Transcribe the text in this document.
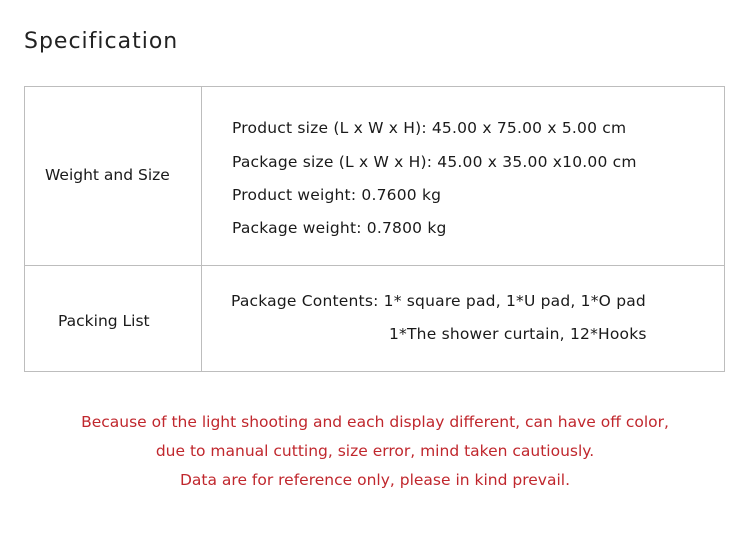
Specification
Weight and Size
Product size (L x W x H): 45.00 x 75.00 x 5.00 cm
Package size (L x W x H): 45.00 x 35.00 x10.00 cm
Product weight: 0.7600 kg
Package weight: 0.7800 kg
Packing List
Package Contents: 1* square pad, 1*U pad, 1*O pad
1*The shower curtain, 12*Hooks
Because of the light shooting and each display different, can have off color,
due to manual cutting, size error, mind taken cautiously.
Data are for reference only, please in kind prevail.
